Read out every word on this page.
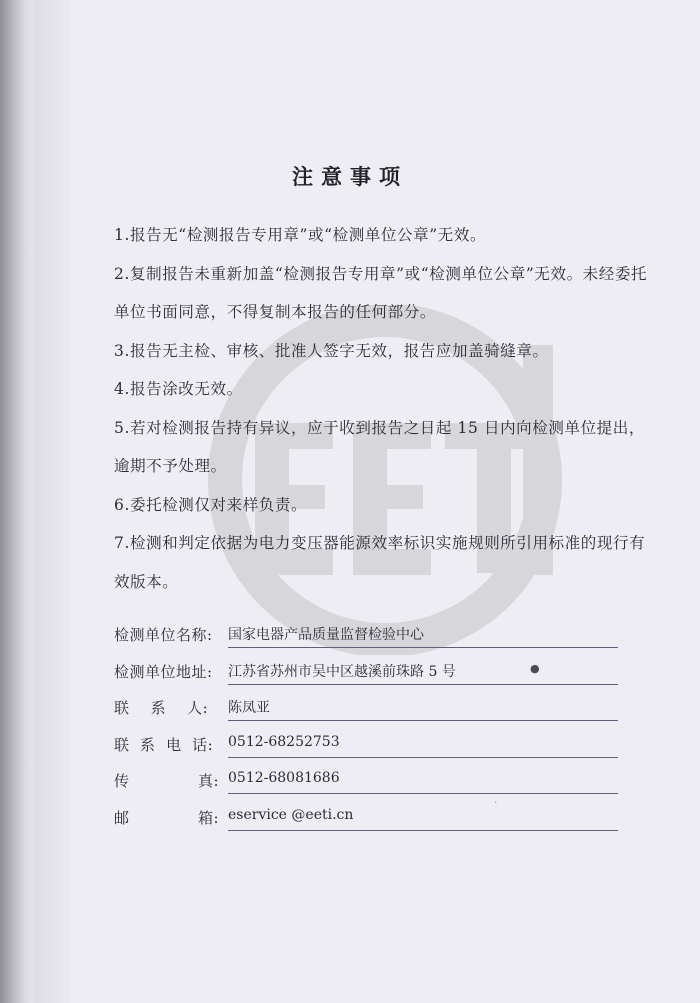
注意事项

1.报告无“检测报告专用章”或“检测单位公章”无效。

2.复制报告未重新加盖“检测报告专用章”或“检测单位公章”无效。未经委托单位书面同意，不得复制本报告的任何部分。

3.报告无主检、审核、批准人签字无效，报告应加盖骑缝章。

4.报告涂改无效。

5.若对检测报告持有异议，应于收到报告之日起 15 日内向检测单位提出，逾期不予处理。

6.委托检测仅对来样负责。

7.检测和判定依据为电力变压器能源效率标识实施规则所引用标准的现行有效版本。

检测单位名称:	国家电器产品质量监督检验中心
检测单位地址:	江苏省苏州市吴中区越溪前珠路 5 号
联    系    人:	陈凤亚
联  系  电  话:	0512-68252753
传             真: 0512-68081686
邮             箱: eservice @eeti.cn
●
·
